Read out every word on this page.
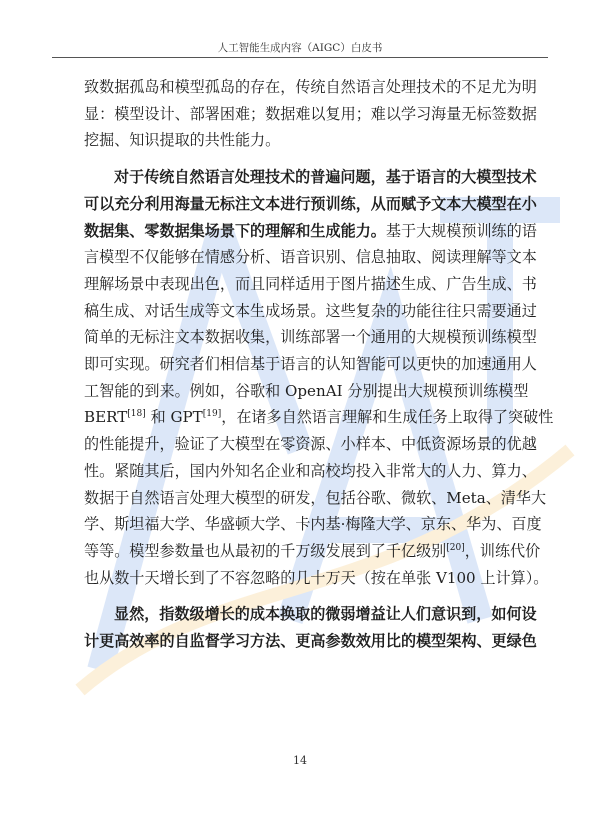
人工智能生成内容（AIGC）白皮书

致数据孤岛和模型孤岛的存在，传统自然语言处理技术的不足尤为明
显：模型设计、部署困难；数据难以复用；难以学习海量无标签数据
挖掘、知识提取的共性能力。

对于传统自然语言处理技术的普遍问题，基于语言的大模型技术
可以充分利用海量无标注文本进行预训练，从而赋予文本大模型在小
数据集、零数据集场景下的理解和生成能力。基于大规模预训练的语
言模型不仅能够在情感分析、语音识别、信息抽取、阅读理解等文本
理解场景中表现出色，而且同样适用于图片描述生成、广告生成、书
稿生成、对话生成等文本生成场景。这些复杂的功能往往只需要通过
简单的无标注文本数据收集，训练部署一个通用的大规模预训练模型
即可实现。研究者们相信基于语言的认知智能可以更快的加速通用人
工智能的到来。例如，谷歌和 OpenAI 分别提出大规模预训练模型
BERT[18] 和 GPT[19]，在诸多自然语言理解和生成任务上取得了突破性
的性能提升，验证了大模型在零资源、小样本、中低资源场景的优越
性。紧随其后，国内外知名企业和高校均投入非常大的人力、算力、
数据于自然语言处理大模型的研发，包括谷歌、微软、Meta、清华大
学、斯坦福大学、华盛顿大学、卡内基·梅隆大学、京东、华为、百度
等等。模型参数量也从最初的千万级发展到了千亿级别[20]，训练代价
也从数十天增长到了不容忽略的几十万天（按在单张 V100 上计算）。

显然，指数级增长的成本换取的微弱增益让人们意识到，如何设
计更高效率的自监督学习方法、更高参数效用比的模型架构、更绿色

14
